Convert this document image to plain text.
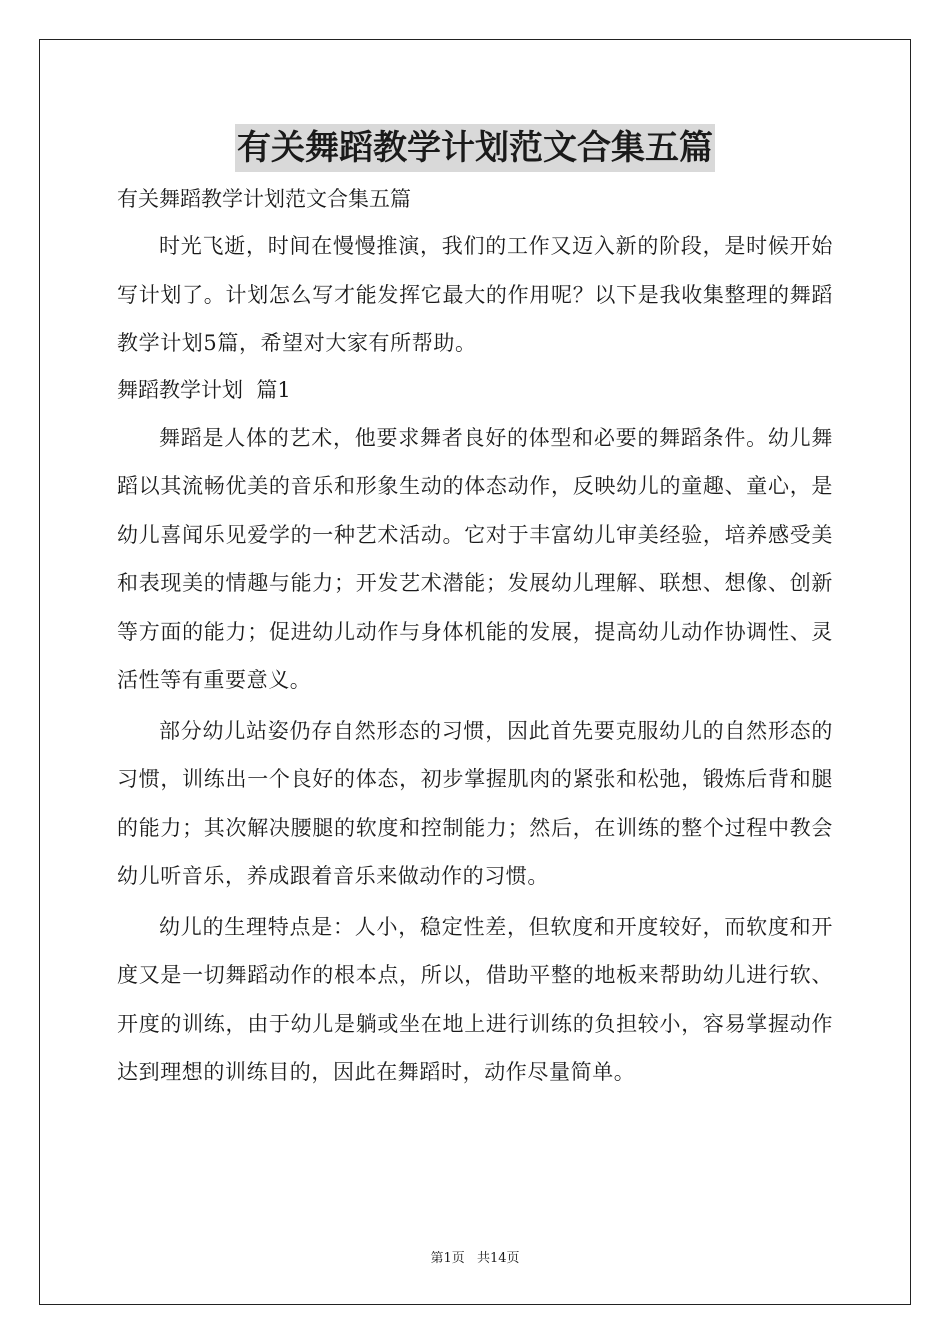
有关舞蹈教学计划范文合集五篇

有关舞蹈教学计划范文合集五篇

时光飞逝，时间在慢慢推演，我们的工作又迈入新的阶段，是时候开始写计划了。计划怎么写才能发挥它最大的作用呢？以下是我收集整理的舞蹈教学计划5篇，希望对大家有所帮助。

舞蹈教学计划  篇1

舞蹈是人体的艺术，他要求舞者良好的体型和必要的舞蹈条件。幼儿舞蹈以其流畅优美的音乐和形象生动的体态动作，反映幼儿的童趣、童心，是幼儿喜闻乐见爱学的一种艺术活动。它对于丰富幼儿审美经验，培养感受美和表现美的情趣与能力；开发艺术潜能；发展幼儿理解、联想、想像、创新等方面的能力；促进幼儿动作与身体机能的发展，提高幼儿动作协调性、灵活性等有重要意义。

部分幼儿站姿仍存自然形态的习惯，因此首先要克服幼儿的自然形态的习惯，训练出一个良好的体态，初步掌握肌肉的紧张和松弛，锻炼后背和腿的能力；其次解决腰腿的软度和控制能力；然后，在训练的整个过程中教会幼儿听音乐，养成跟着音乐来做动作的习惯。

幼儿的生理特点是：人小，稳定性差，但软度和开度较好，而软度和开度又是一切舞蹈动作的根本点，所以，借助平整的地板来帮助幼儿进行软、开度的训练，由于幼儿是躺或坐在地上进行训练的负担较小，容易掌握动作达到理想的训练目的，因此在舞蹈时，动作尽量简单。

第1页 共14页
